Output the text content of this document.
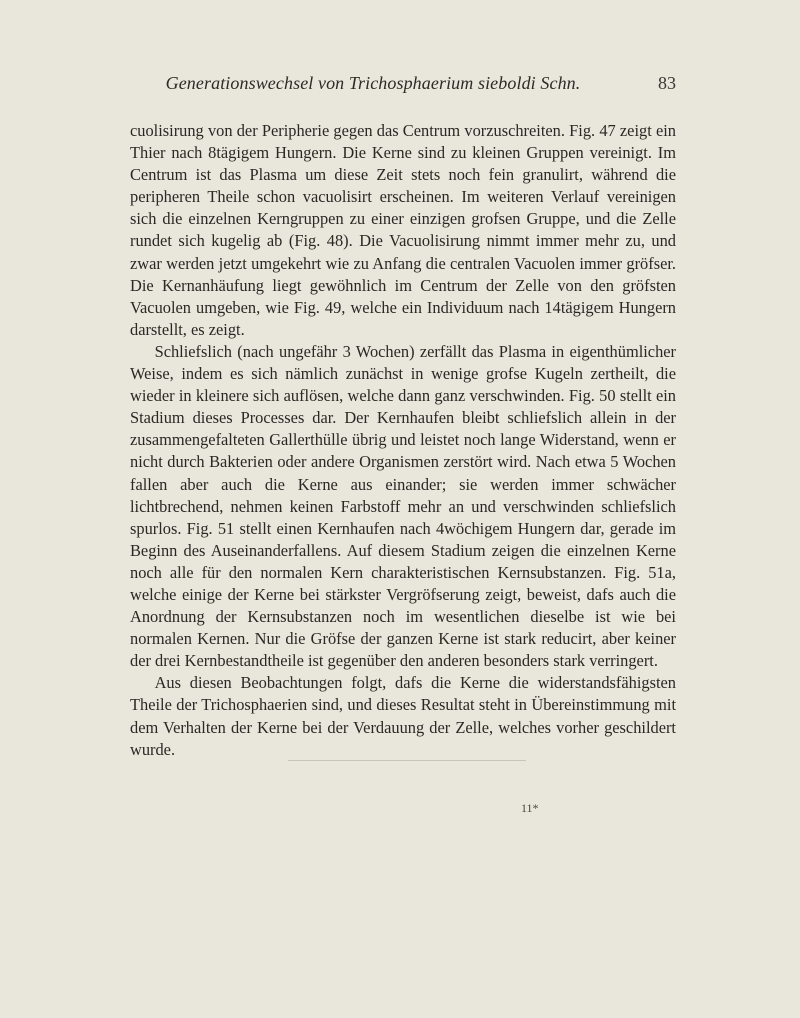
Generationswechsel von Trichosphaerium sieboldi Schn.	83

cuolisirung von der Peripherie gegen das Centrum vorzuschreiten. Fig. 47 zeigt ein Thier nach 8tägigem Hungern. Die Kerne sind zu kleinen Gruppen vereinigt. Im Centrum ist das Plasma um diese Zeit stets noch fein granulirt, während die peripheren Theile schon vacuolisirt erscheinen. Im weiteren Verlauf vereinigen sich die einzelnen Kerngruppen zu einer einzigen grofsen Gruppe, und die Zelle rundet sich kugelig ab (Fig. 48). Die Vacuolisirung nimmt immer mehr zu, und zwar werden jetzt umgekehrt wie zu Anfang die centralen Vacuolen immer gröfser. Die Kernanhäufung liegt gewöhnlich im Centrum der Zelle von den gröfsten Vacuolen umgeben, wie Fig. 49, welche ein Individuum nach 14tägigem Hungern darstellt, es zeigt.

Schliefslich (nach ungefähr 3 Wochen) zerfällt das Plasma in eigenthümlicher Weise, indem es sich nämlich zunächst in wenige grofse Kugeln zertheilt, die wieder in kleinere sich auflösen, welche dann ganz verschwinden. Fig. 50 stellt ein Stadium dieses Processes dar. Der Kernhaufen bleibt schliefslich allein in der zusammengefalteten Gallerthülle übrig und leistet noch lange Widerstand, wenn er nicht durch Bakterien oder andere Organismen zerstört wird. Nach etwa 5 Wochen fallen aber auch die Kerne aus einander; sie werden immer schwächer lichtbrechend, nehmen keinen Farbstoff mehr an und verschwinden schliefslich spurlos. Fig. 51 stellt einen Kernhaufen nach 4wöchigem Hungern dar, gerade im Beginn des Auseinanderfallens. Auf diesem Stadium zeigen die einzelnen Kerne noch alle für den normalen Kern charakteristischen Kernsubstanzen. Fig. 51a, welche einige der Kerne bei stärkster Vergröfserung zeigt, beweist, dafs auch die Anordnung der Kernsubstanzen noch im wesentlichen dieselbe ist wie bei normalen Kernen. Nur die Gröfse der ganzen Kerne ist stark reducirt, aber keiner der drei Kernbestandtheile ist gegenüber den anderen besonders stark verringert.

Aus diesen Beobachtungen folgt, dafs die Kerne die widerstandsfähigsten Theile der Trichosphaerien sind, und dieses Resultat steht in Übereinstimmung mit dem Verhalten der Kerne bei der Verdauung der Zelle, welches vorher geschildert wurde.

11*
